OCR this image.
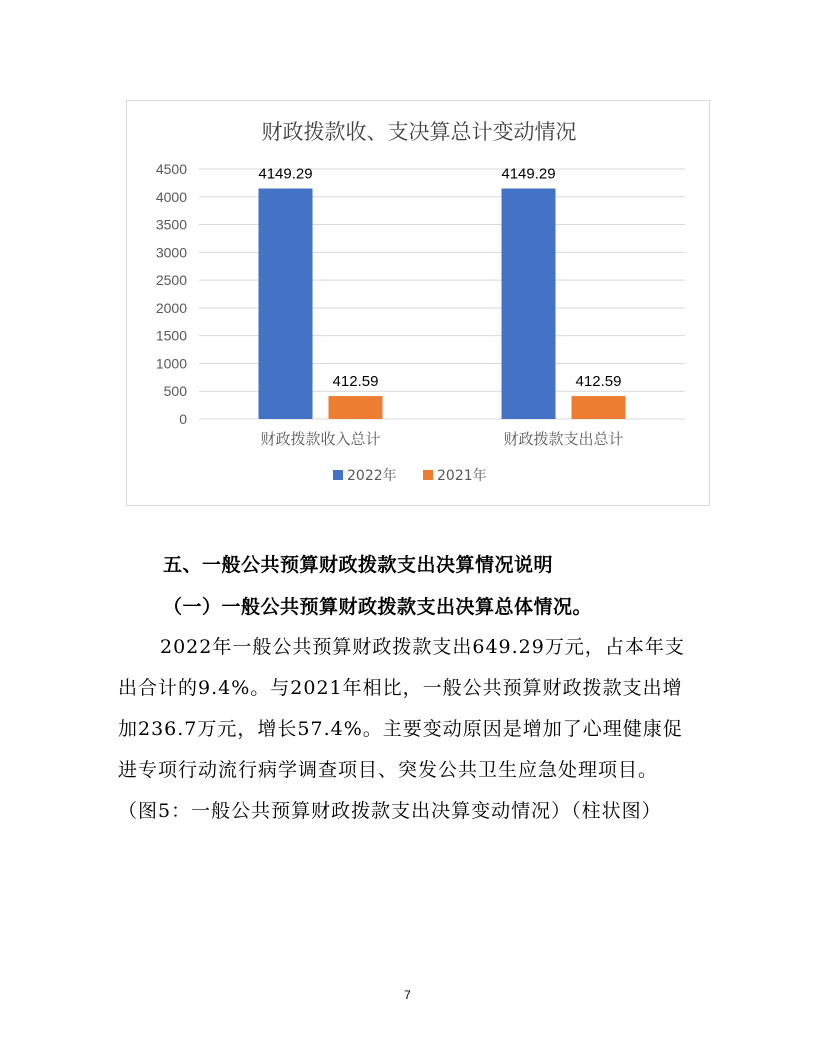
财政拨款收、支决算总计变动情况
0
500
1000
1500
2000
2500
3000
3500
4000
4500	4149.29
412.59
财政拨款收入总计
4149.29
412.59
财政拨款支出总计
2022年	2021年
五、一般公共预算财政拨款支出决算情况说明
（一）一般公共预算财政拨款支出决算总体情况。
2022年一般公共预算财政拨款支出649.29万元，占本年支
出合计的9.4%。与2021年相比，一般公共预算财政拨款支出增
加236.7万元，增长57.4%。主要变动原因是增加了心理健康促
进专项行动流行病学调查项目、突发公共卫生应急处理项目。
（图5：一般公共预算财政拨款支出决算变动情况）（柱状图）
7
